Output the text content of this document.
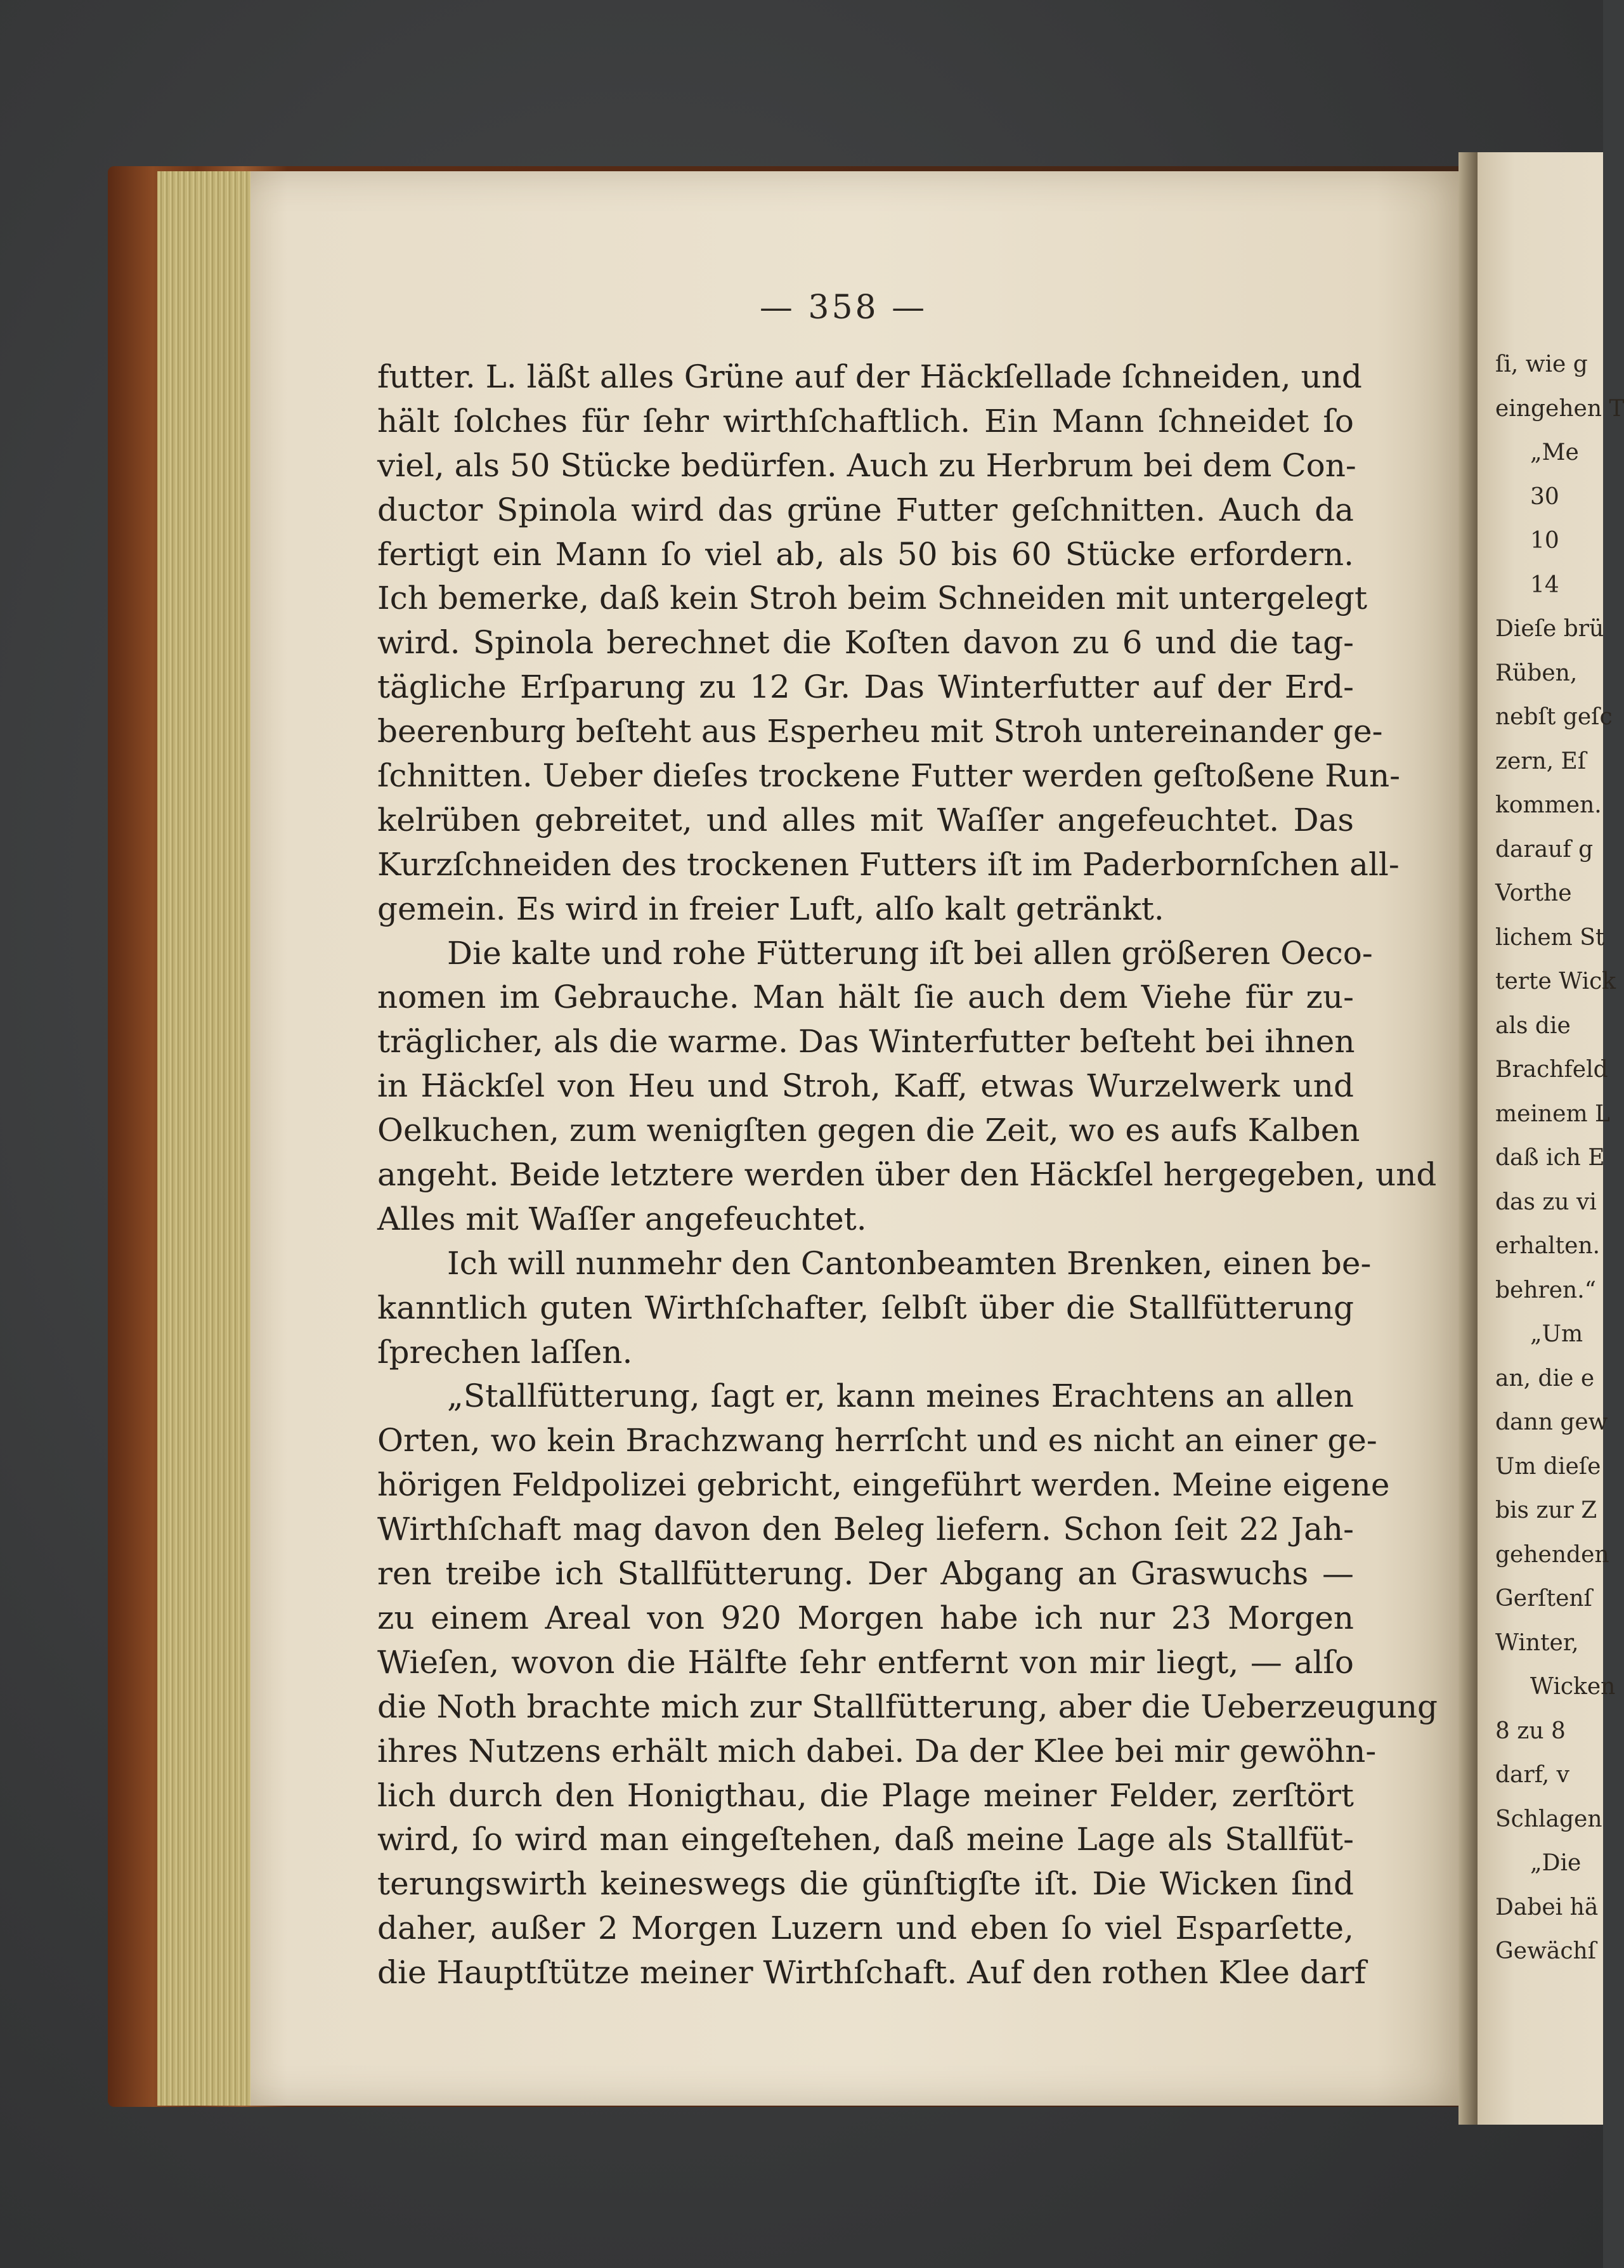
— 358 —
futter. L. läßt alles Grüne auf der Häckſellade ſchneiden, und
hält ſolches für ſehr wirthſchaftlich. Ein Mann ſchneidet ſo
viel, als 50 Stücke bedürfen. Auch zu Herbrum bei dem Con-
ductor Spinola wird das grüne Futter geſchnitten. Auch da
fertigt ein Mann ſo viel ab, als 50 bis 60 Stücke erfordern.
Ich bemerke, daß kein Stroh beim Schneiden mit untergelegt
wird. Spinola berechnet die Koſten davon zu 6 und die tag-
tägliche Erſparung zu 12 Gr. Das Winterfutter auf der Erd-
beerenburg beſteht aus Esperheu mit Stroh untereinander ge-
ſchnitten. Ueber dieſes trockene Futter werden geſtoßene Run-
kelrüben gebreitet, und alles mit Waſſer angefeuchtet. Das
Kurzſchneiden des trockenen Futters iſt im Paderbornſchen all-
gemein. Es wird in freier Luft, alſo kalt getränkt.
Die kalte und rohe Fütterung iſt bei allen größeren Oeco-
nomen im Gebrauche. Man hält ſie auch dem Viehe für zu-
träglicher, als die warme. Das Winterfutter beſteht bei ihnen
in Häckſel von Heu und Stroh, Kaff, etwas Wurzelwerk und
Oelkuchen, zum wenigſten gegen die Zeit, wo es aufs Kalben
angeht. Beide letztere werden über den Häckſel hergegeben, und
Alles mit Waſſer angefeuchtet.
Ich will nunmehr den Cantonbeamten Brenken, einen be-
kanntlich guten Wirthſchafter, ſelbſt über die Stallfütterung
ſprechen laſſen.
„Stallfütterung, ſagt er, kann meines Erachtens an allen
Orten, wo kein Brachzwang herrſcht und es nicht an einer ge-
hörigen Feldpolizei gebricht, eingeführt werden. Meine eigene
Wirthſchaft mag davon den Beleg liefern. Schon ſeit 22 Jah-
ren treibe ich Stallfütterung. Der Abgang an Graswuchs —
zu einem Areal von 920 Morgen habe ich nur 23 Morgen
Wieſen, wovon die Hälfte ſehr entfernt von mir liegt, — alſo
die Noth brachte mich zur Stallfütterung, aber die Ueberzeugung
ihres Nutzens erhält mich dabei. Da der Klee bei mir gewöhn-
lich durch den Honigthau, die Plage meiner Felder, zerſtört
wird, ſo wird man eingeſtehen, daß meine Lage als Stallfüt-
terungswirth keineswegs die günſtigſte iſt. Die Wicken ſind
daher, außer 2 Morgen Luzern und eben ſo viel Esparſette,
die Hauptſtütze meiner Wirthſchaft. Auf den rothen Klee darf
ſi, wie g
eingehen T
„Me
30
10
14
Dieſe brü
Rüben,
nebſt geſc
zern, Eſ
kommen.
darauf g
Vorthe
lichem St
terte Wick
als die
Brachfeld
meinem L
daß ich E
das zu vi
erhalten.
behren.“
„Um
an, die e
dann gew
Um dieſe
bis zur Z
gehenden
Gerſtenſ
Winter,
Wicken
8 zu 8
darf, v
Schlagen
„Die
Dabei hä
Gewächſ
